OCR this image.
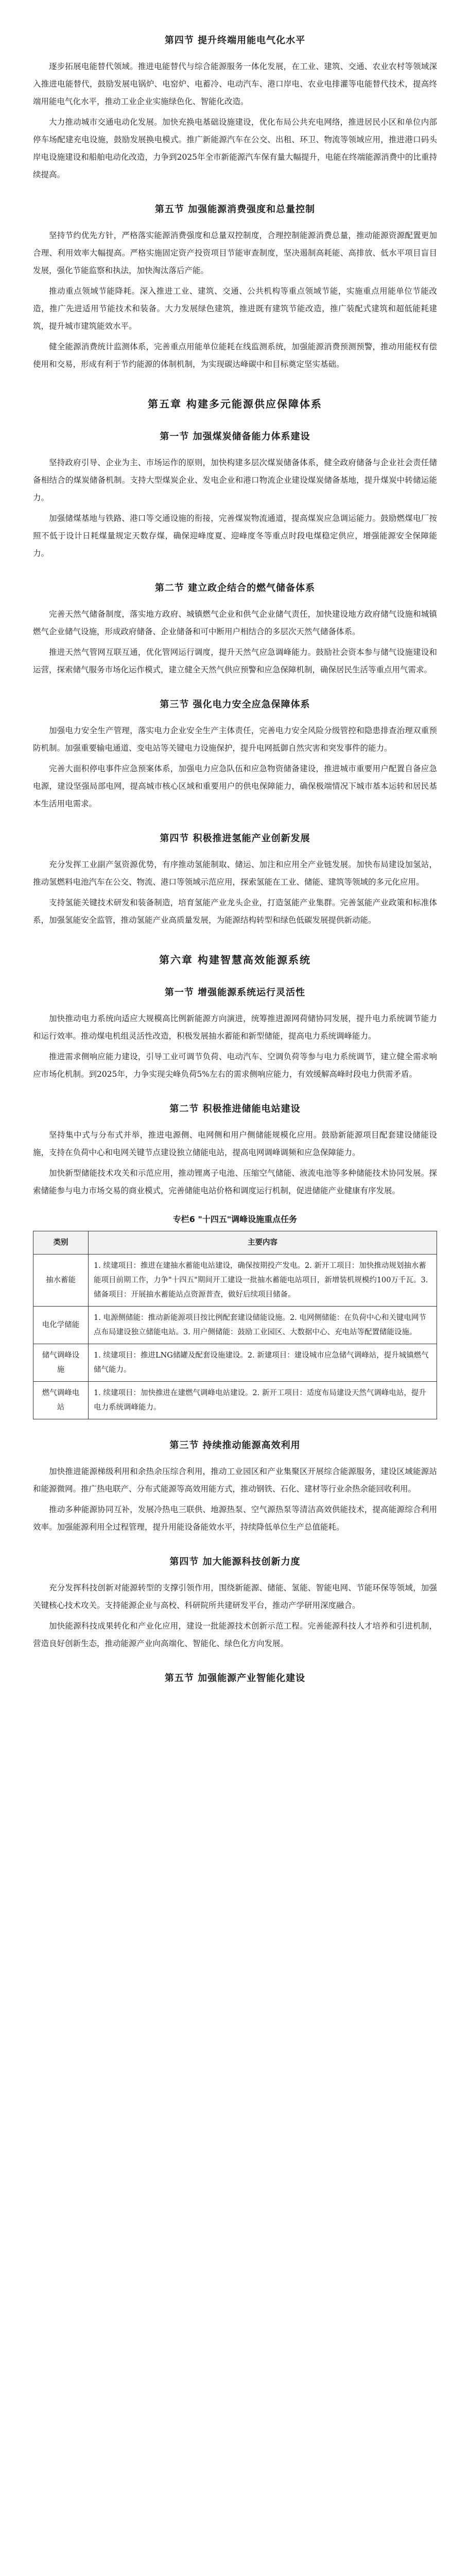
第四节 提升终端用能电气化水平

逐步拓展电能替代领域。推进电能替代与综合能源服务一体化发展，在工业、建筑、交通、农业农村等领域深入推进电能替代，鼓励发展电锅炉、电窑炉、电蓄冷、电动汽车、港口岸电、农业电排灌等电能替代技术，提高终端用能电气化水平，推动工业企业实施绿色化、智能化改造。

大力推动城市交通电动化发展。加快充换电基础设施建设，优化布局公共充电网络，推进居民小区和单位内部停车场配建充电设施，鼓励发展换电模式。推广新能源汽车在公交、出租、环卫、物流等领域应用，推进港口码头岸电设施建设和船舶电动化改造，力争到2025年全市新能源汽车保有量大幅提升，电能在终端能源消费中的比重持续提高。

第五节 加强能源消费强度和总量控制

坚持节约优先方针，严格落实能源消费强度和总量双控制度，合理控制能源消费总量，推动能源资源配置更加合理、利用效率大幅提高。严格实施固定资产投资项目节能审查制度，坚决遏制高耗能、高排放、低水平项目盲目发展，强化节能监察和执法，加快淘汰落后产能。

推动重点领域节能降耗。深入推进工业、建筑、交通、公共机构等重点领域节能，实施重点用能单位节能改造，推广先进适用节能技术和装备。大力发展绿色建筑，推进既有建筑节能改造，推广装配式建筑和超低能耗建筑，提升城市建筑能效水平。

健全能源消费统计监测体系，完善重点用能单位能耗在线监测系统，加强能源消费预测预警，推动用能权有偿使用和交易，形成有利于节约能源的体制机制，为实现碳达峰碳中和目标奠定坚实基础。

第五章 构建多元能源供应保障体系
第一节 加强煤炭储备能力体系建设

坚持政府引导、企业为主、市场运作的原则，加快构建多层次煤炭储备体系，健全政府储备与企业社会责任储备相结合的煤炭储备机制。支持大型煤炭企业、发电企业和港口物流企业建设煤炭储备基地，提升煤炭中转储运能力。

加强储煤基地与铁路、港口等交通设施的衔接，完善煤炭物流通道，提高煤炭应急调运能力。鼓励燃煤电厂按照不低于设计日耗煤量规定天数存煤，确保迎峰度夏、迎峰度冬等重点时段电煤稳定供应，增强能源安全保障能力。

第二节 建立政企结合的燃气储备体系

完善天然气储备制度，落实地方政府、城镇燃气企业和供气企业储气责任，加快建设地方政府储气设施和城镇燃气企业储气设施，形成政府储备、企业储备和可中断用户相结合的多层次天然气储备体系。

推进天然气管网互联互通，优化管网运行调度，提升天然气应急调峰能力。鼓励社会资本参与储气设施建设和运营，探索储气服务市场化运作模式，建立健全天然气供应预警和应急保障机制，确保居民生活等重点用气需求。

第三节 强化电力安全应急保障体系

加强电力安全生产管理，落实电力企业安全生产主体责任，完善电力安全风险分级管控和隐患排查治理双重预防机制。加强重要输电通道、变电站等关键电力设施保护，提升电网抵御自然灾害和突发事件的能力。

完善大面积停电事件应急预案体系，加强电力应急队伍和应急物资储备建设，推进城市重要用户配置自备应急电源，建设坚强局部电网，提高城市核心区域和重要用户的供电保障能力，确保极端情况下城市基本运转和居民基本生活用电需求。

第四节 积极推进氢能产业创新发展

充分发挥工业副产氢资源优势，有序推动氢能制取、储运、加注和应用全产业链发展。加快布局建设加氢站，推动氢燃料电池汽车在公交、物流、港口等领域示范应用，探索氢能在工业、储能、建筑等领域的多元化应用。

支持氢能关键技术研发和装备制造，培育氢能产业龙头企业，打造氢能产业集群。完善氢能产业政策和标准体系，加强氢能安全监管，推动氢能产业高质量发展，为能源结构转型和绿色低碳发展提供新动能。

第六章 构建智慧高效能源系统
第一节 增强能源系统运行灵活性

加快推动电力系统向适应大规模高比例新能源方向演进，统筹推进源网荷储协同发展，提升电力系统调节能力和运行效率。推动煤电机组灵活性改造，积极发展抽水蓄能和新型储能，提高电力系统调峰能力。

推进需求侧响应能力建设，引导工业可调节负荷、电动汽车、空调负荷等参与电力系统调节，建立健全需求响应市场化机制。到2025年，力争实现尖峰负荷5%左右的需求侧响应能力，有效缓解高峰时段电力供需矛盾。

第二节 积极推进储能电站建设

坚持集中式与分布式并举，推进电源侧、电网侧和用户侧储能规模化应用。鼓励新能源项目配套建设储能设施，支持在负荷中心和电网关键节点建设独立储能电站，提高电网调峰调频和应急保障能力。

加快新型储能技术攻关和示范应用，推动锂离子电池、压缩空气储能、液流电池等多种储能技术协同发展。探索储能参与电力市场交易的商业模式，完善储能电站价格和调度运行机制，促进储能产业健康有序发展。

专栏6 "十四五"调峰设施重点任务
类别	主要内容
抽水蓄能	1. 续建项目：推进在建抽水蓄能电站建设，确保按期投产发电。2. 新开工项目：加快推动规划抽水蓄能项目前期工作，力争"十四五"期间开工建设一批抽水蓄能电站项目，新增装机规模约100万千瓦。3. 储备项目：开展抽水蓄能站点资源普查，做好后续项目储备。
电化学储能	1. 电源侧储能：推动新能源项目按比例配套建设储能设施。2. 电网侧储能：在负荷中心和关键电网节点布局建设独立储能电站。3. 用户侧储能：鼓励工业园区、大数据中心、充电站等配置储能设施。
储气调峰设施	1. 续建项目：推进LNG储罐及配套设施建设。2. 新建项目：建设城市应急储气调峰站，提升城镇燃气储气能力。
燃气调峰电站	1. 续建项目：加快推进在建燃气调峰电站建设。2. 新开工项目：适度布局建设天然气调峰电站，提升电力系统调峰能力。
第三节 持续推动能源高效利用

加快推进能源梯级利用和余热余压综合利用，推动工业园区和产业集聚区开展综合能源服务，建设区域能源站和能源微网。推广热电联产、分布式能源等高效用能方式，推动钢铁、石化、建材等行业余热余能回收利用。

推动多种能源协同互补，发展冷热电三联供、地源热泵、空气源热泵等清洁高效供能技术，提高能源综合利用效率。加强能源利用全过程管理，提升用能设备能效水平，持续降低单位生产总值能耗。

第四节 加大能源科技创新力度

充分发挥科技创新对能源转型的支撑引领作用，围绕新能源、储能、氢能、智能电网、节能环保等领域，加强关键核心技术攻关。支持能源企业与高校、科研院所共建研发平台，推动产学研用深度融合。

加快能源科技成果转化和产业化应用，建设一批能源技术创新示范工程。完善能源科技人才培养和引进机制，营造良好创新生态，推动能源产业向高端化、智能化、绿色化方向发展。

第五节 加强能源产业智能化建设
